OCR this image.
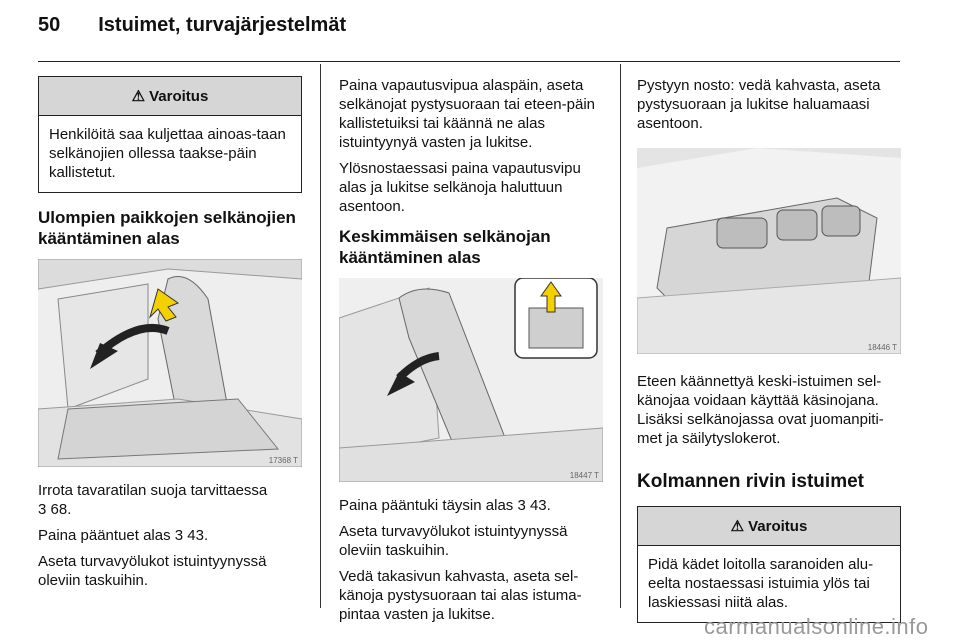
50 Istuimet, turvajärjestelmät
⚠ Varoitus
Henkilöitä saa kuljettaa ainoas-taan selkänojien ollessa taakse-päin kallistetut.
Ulompien paikkojen selkänojien kääntäminen alas
17368 T

Irrota tavaratilan suoja tarvittaessa

3 68.

Paina pääntuet alas 3 43.

Aseta turvavyölukot istuintyynyssä oleviin taskuihin.

Paina vapautusvipua alaspäin, aseta selkänojat pystysuoraan tai eteen-päin kallistetuiksi tai käännä ne alas istuintyynyä vasten ja lukitse.

Ylösnostaessasi paina vapautusvipu alas ja lukitse selkänoja haluttuun asentoon.

Keskimmäisen selkänojan kääntäminen alas
18447 T

Paina pääntuki täysin alas 3 43.

Aseta turvavyölukot istuintyynyssä oleviin taskuihin.

Vedä takasivun kahvasta, aseta sel-känoja pystysuoraan tai alas istuma-pintaa vasten ja lukitse.

Pystyyn nosto: vedä kahvasta, aseta pystysuoraan ja lukitse haluamaasi asentoon.

18446 T

Eteen käännettyä keski-istuimen sel-känojaa voidaan käyttää käsinojana. Lisäksi selkänojassa ovat juomanpiti-met ja säilytyslokerot.

Kolmannen rivin istuimet
⚠ Varoitus
Pidä kädet loitolla saranoiden alu-eelta nostaessasi istuimia ylös tai laskiessasi niitä alas.
carmanualsonline.info
